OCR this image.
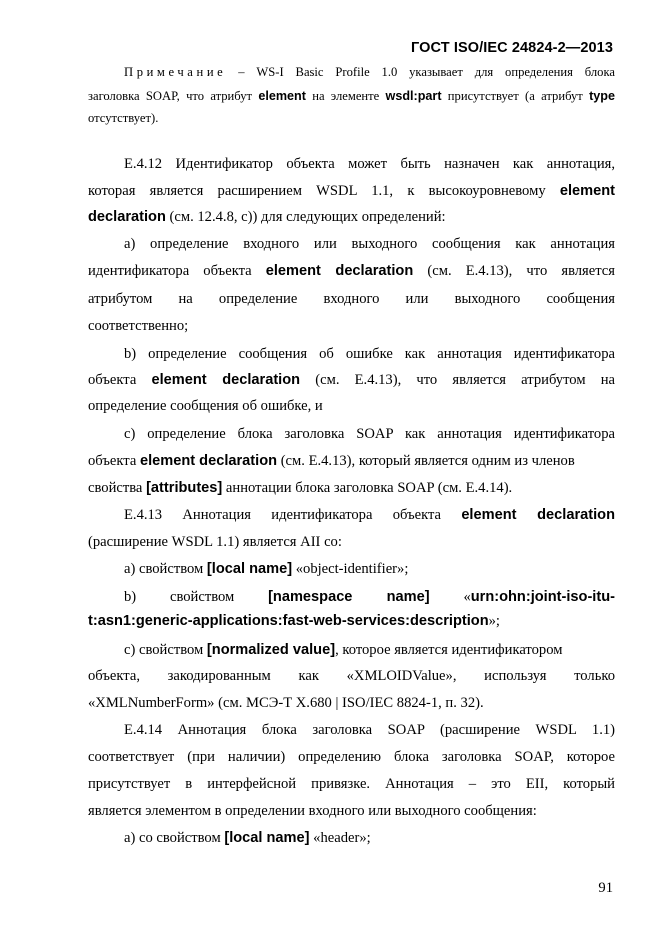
ГОСТ ISO/IEC 24824-2—2013
Примечание – WS-I Basic Profile 1.0 указывает для определения блока
заголовка SOAP, что атрибут element на элементе wsdl:part присутствует (а атрибут type
отсутствует).
E.4.12 Идентификатор объекта может быть назначен как аннотация,
которая является расширением WSDL 1.1, к высокоуровневому element
declaration (см. 12.4.8, c)) для следующих определений:
a) определение входного или выходного сообщения как аннотация
идентификатора объекта element declaration (см. E.4.13), что является
атрибутом на определение входного или выходного сообщения
соответственно;
b) определение сообщения об ошибке как аннотация идентификатора
объекта element declaration (см. E.4.13), что является атрибутом на
определение сообщения об ошибке, и
c) определение блока заголовка SOAP как аннотация идентификатора
объекта element declaration (см. E.4.13), который является одним из членов
свойства [attributes] аннотации блока заголовка SOAP (см. E.4.14).
E.4.13 Аннотация идентификатора объекта element declaration
(расширение WSDL 1.1) является AII со:
a) свойством [local name] «object-identifier»;
b) свойством [namespace name] «urn:ohn:joint-iso-itu-
t:asn1:generic-applications:fast-web-services:description»;
c) свойством [normalized value], которое является идентификатором
объекта, закодированным как «XMLOIDValue», используя только
«XMLNumberForm» (см. МСЭ-Т X.680 | ISO/IEC 8824-1, п. 32).
E.4.14 Аннотация блока заголовка SOAP (расширение WSDL 1.1)
соответствует (при наличии) определению блока заголовка SOAP, которое
присутствует в интерфейсной привязке. Аннотация – это EII, который
является элементом в определении входного или выходного сообщения:
a) со свойством [local name] «header»;
91
